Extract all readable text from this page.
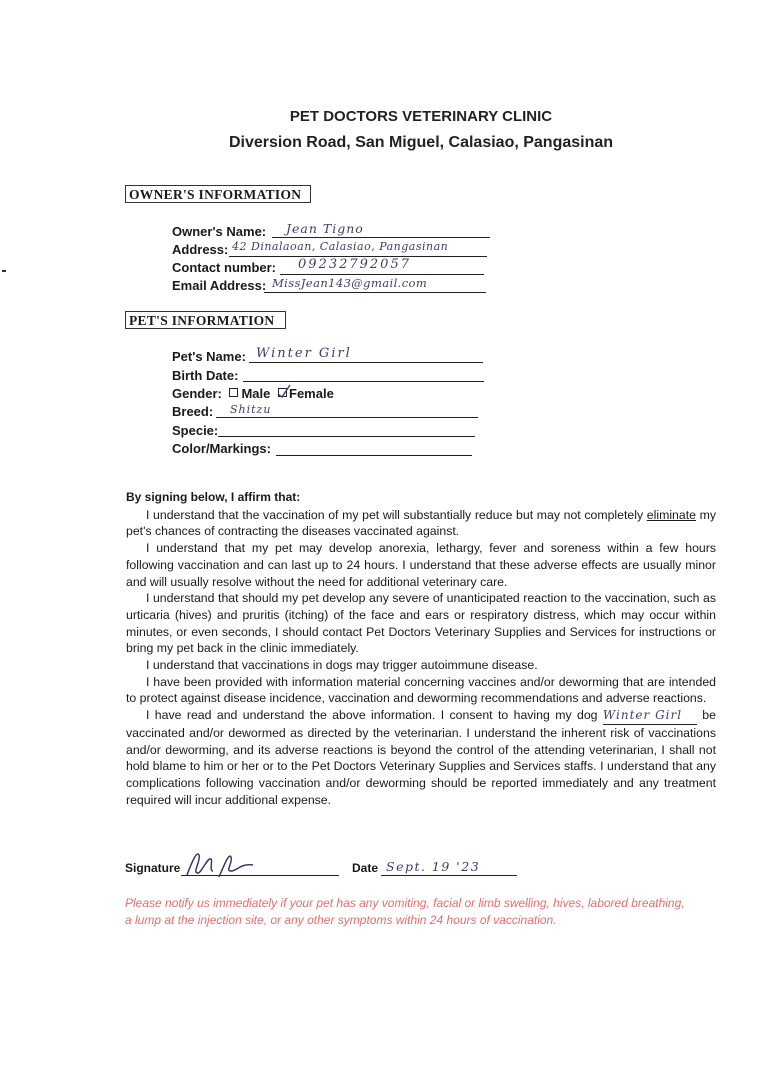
PET DOCTORS VETERINARY CLINIC
Diversion Road, San Miguel, Calasiao, Pangasinan
OWNER'S INFORMATION
Owner's Name: Jean Tigno
Address: 42 Dinalaoan, Calasiao, Pangasinan
Contact number: 09232792057
Email Address: MissJean143@gmail.com
PET'S INFORMATION
Pet's Name: Winter Girl
Birth Date:
Gender: Male Female
Breed: Shitzu
Specie:
Color/Markings:

By signing below, I affirm that:

I understand that the vaccination of my pet will substantially reduce but may not completely eliminate my pet's chances of contracting the diseases vaccinated against.

I understand that my pet may develop anorexia, lethargy, fever and soreness within a few hours following vaccination and can last up to 24 hours. I understand that these adverse effects are usually minor and will usually resolve without the need for additional veterinary care.

I understand that should my pet develop any severe of unanticipated reaction to the vaccination, such as urticaria (hives) and pruritis (itching) of the face and ears or respiratory distress, which may occur within minutes, or even seconds, I should contact Pet Doctors Veterinary Supplies and Services for instructions or bring my pet back in the clinic immediately.

I understand that vaccinations in dogs may trigger autoimmune disease.

I have been provided with information material concerning vaccines and/or deworming that are intended to protect against disease incidence, vaccination and deworming recommendations and adverse reactions.

I have read and understand the above information. I consent to having my dog Winter Girl be vaccinated and/or dewormed as directed by the veterinarian. I understand the inherent risk of vaccinations and/or deworming, and its adverse reactions is beyond the control of the attending veterinarian, I shall not hold blame to him or her or to the Pet Doctors Veterinary Supplies and Services staffs. I understand that any complications following vaccination and/or deworming should be reported immediately and any treatment required will incur additional expense.

Signature	Date Sept. 19 '23
Please notify us immediately if your pet has any vomiting, facial or limb swelling, hives, labored breathing, a lump at the injection site, or any other symptoms within 24 hours of vaccination.
